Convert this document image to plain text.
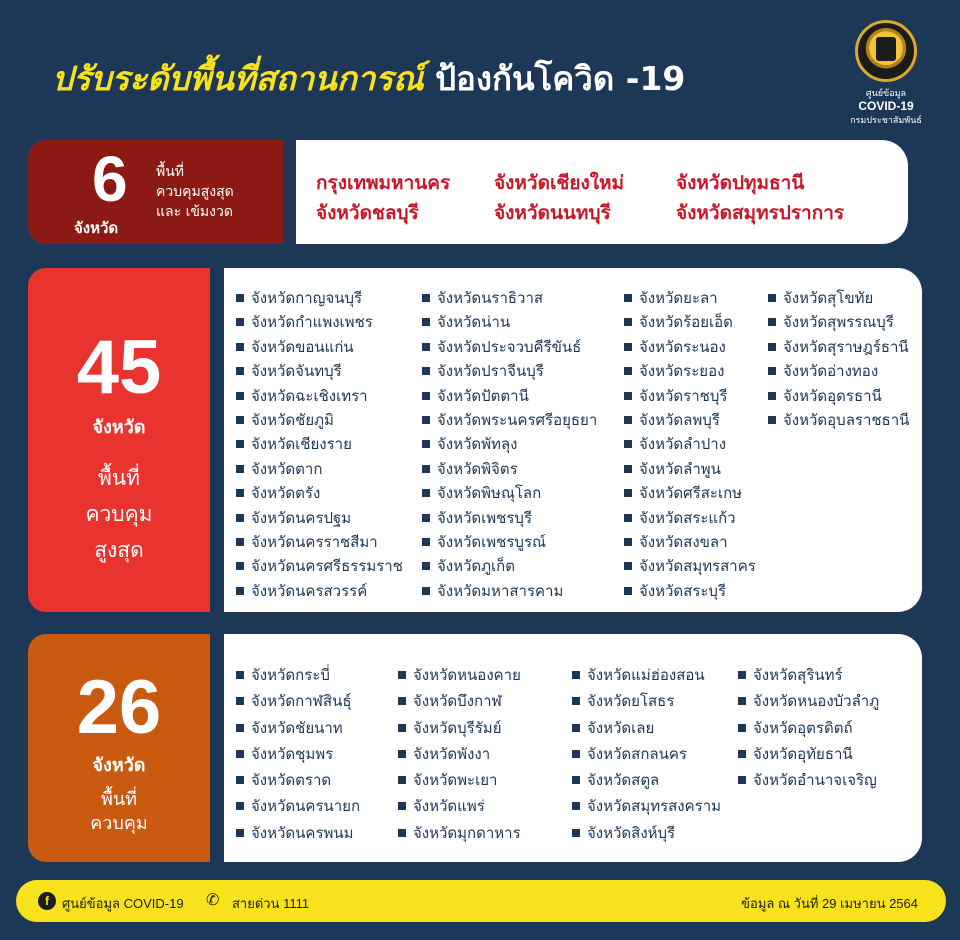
ปรับระดับพื้นที่สถานการณ์ ป้องกันโควิด -19	ศูนย์ข้อมูล
COVID-19
กรมประชาสัมพันธ์
6
จังหวัด
พื้นที่
ควบคุมสูงสุด
และ เข้มงวด
กรุงเทพมหานคร
จังหวัดชลบุรี
จังหวัดเชียงใหม่
จังหวัดนนทบุรี
จังหวัดปทุมธานี
จังหวัดสมุทรปราการ
45
จังหวัด
พื้นที่
ควบคุม
สูงสุด
จังหวัดกาญจนบุรี
จังหวัดกำแพงเพชร
จังหวัดขอนแก่น
จังหวัดจันทบุรี
จังหวัดฉะเชิงเทรา
จังหวัดชัยภูมิ
จังหวัดเชียงราย
จังหวัดตาก
จังหวัดตรัง
จังหวัดนครปฐม
จังหวัดนครราชสีมา
จังหวัดนครศรีธรรมราช
จังหวัดนครสวรรค์
จังหวัดนราธิวาส
จังหวัดน่าน
จังหวัดประจวบคีรีขันธ์
จังหวัดปราจีนบุรี
จังหวัดปัตตานี
จังหวัดพระนครศรีอยุธยา
จังหวัดพัทลุง
จังหวัดพิจิตร
จังหวัดพิษณุโลก
จังหวัดเพชรบุรี
จังหวัดเพชรบูรณ์
จังหวัดภูเก็ต
จังหวัดมหาสารคาม
จังหวัดยะลา
จังหวัดร้อยเอ็ด
จังหวัดระนอง
จังหวัดระยอง
จังหวัดราชบุรี
จังหวัดลพบุรี
จังหวัดลำปาง
จังหวัดลำพูน
จังหวัดศรีสะเกษ
จังหวัดสระแก้ว
จังหวัดสงขลา
จังหวัดสมุทรสาคร
จังหวัดสระบุรี
จังหวัดสุโขทัย
จังหวัดสุพรรณบุรี
จังหวัดสุราษฎร์ธานี
จังหวัดอ่างทอง
จังหวัดอุดรธานี
จังหวัดอุบลราชธานี
26
จังหวัด
พื้นที่
ควบคุม
จังหวัดกระบี่
จังหวัดกาฬสินธุ์
จังหวัดชัยนาท
จังหวัดชุมพร
จังหวัดตราด
จังหวัดนครนายก
จังหวัดนครพนม
จังหวัดหนองคาย
จังหวัดบึงกาฬ
จังหวัดบุรีรัมย์
จังหวัดพังงา
จังหวัดพะเยา
จังหวัดแพร่
จังหวัดมุกดาหาร
จังหวัดแม่ฮ่องสอน
จังหวัดยโสธร
จังหวัดเลย
จังหวัดสกลนคร
จังหวัดสตูล
จังหวัดสมุทรสงคราม
จังหวัดสิงห์บุรี
จังหวัดสุรินทร์
จังหวัดหนองบัวลำภู
จังหวัดอุตรดิตถ์
จังหวัดอุทัยธานี
จังหวัดอำนาจเจริญ
f	ศูนย์ข้อมูล COVID-19 ✆ สายด่วน 1111	ข้อมูล ณ วันที่ 29 เมษายน 2564
